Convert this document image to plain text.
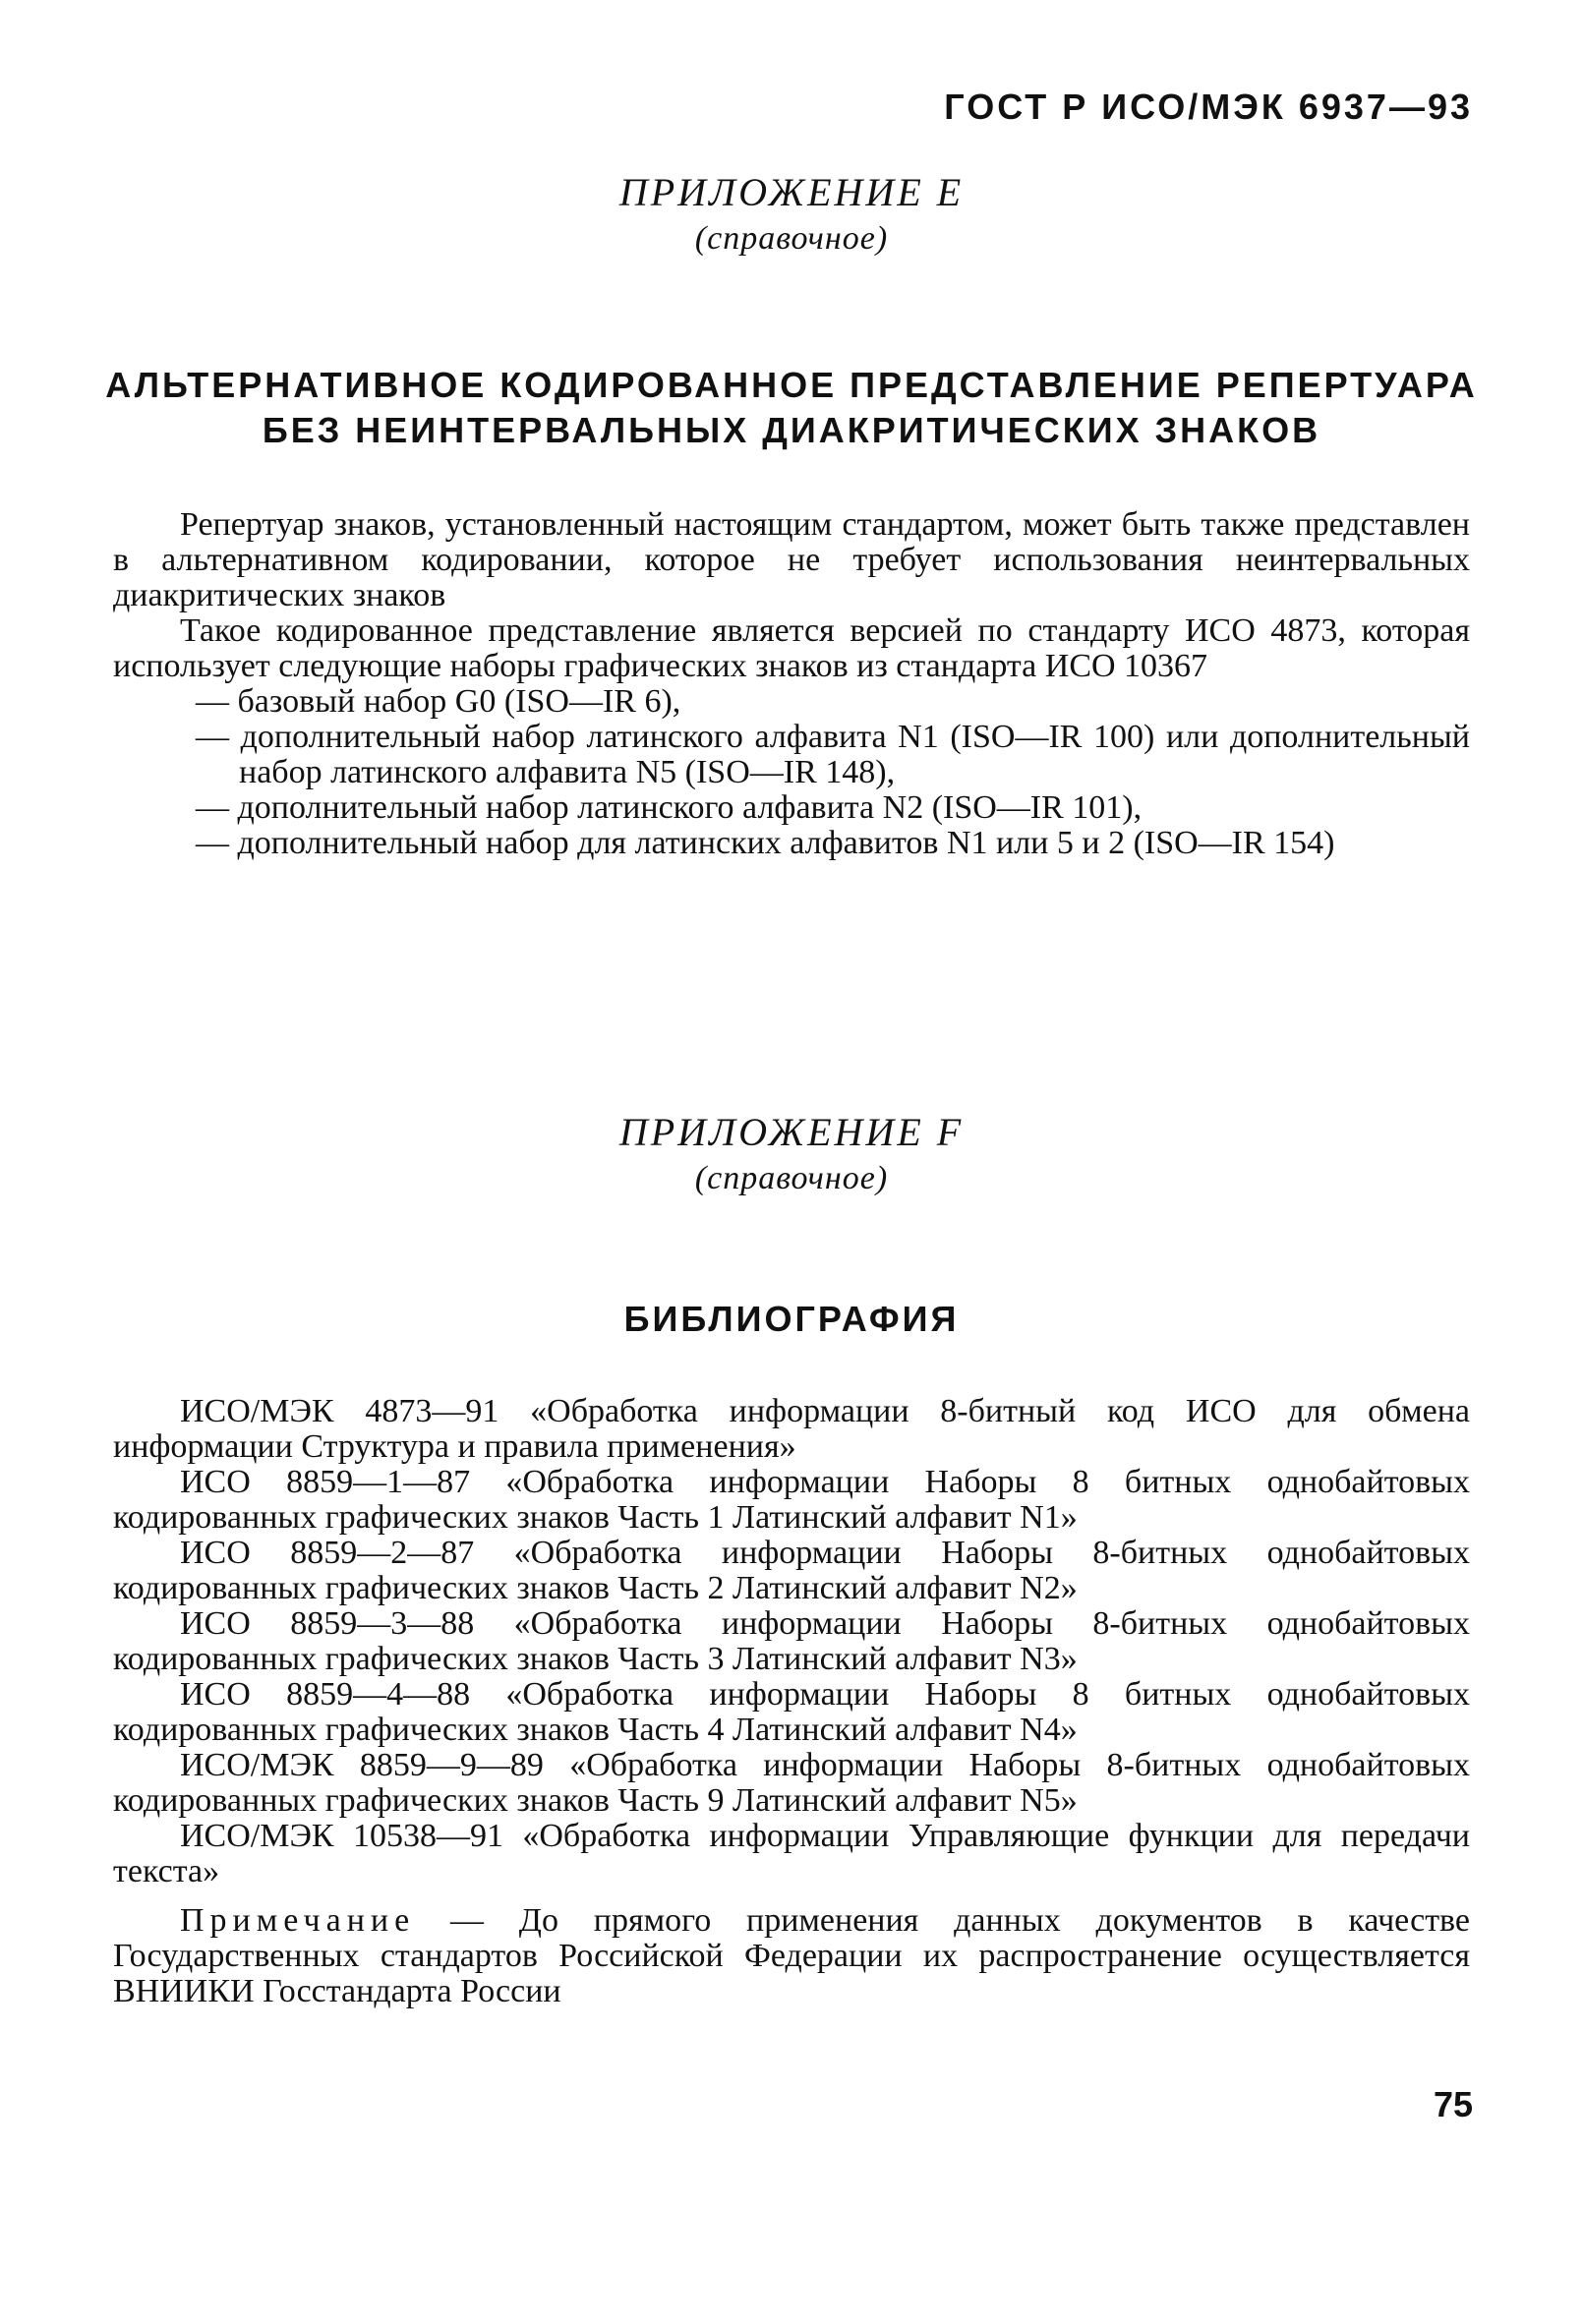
ГОСТ Р ИСО/МЭК 6937—93
ПРИЛОЖЕНИЕ Е
(справочное)
АЛЬТЕРНАТИВНОЕ КОДИРОВАННОЕ ПРЕДСТАВЛЕНИЕ РЕПЕРТУАРА
БЕЗ НЕИНТЕРВАЛЬНЫХ ДИАКРИТИЧЕСКИХ ЗНАКОВ

Репертуар знаков, установленный настоящим стандартом, может быть также представлен в альтернативном кодировании, которое не требует использования неинтервальных диакритических знаков

Такое кодированное представление является версией по стандарту ИСО 4873, которая использует следующие наборы графических знаков из стандарта ИСО 10367

— базовый набор G0 (ISO—IR 6),

— дополнительный набор латинского алфавита N1 (ISO—IR 100) или дополнительный набор латинского алфавита N5 (ISO—IR 148),

— дополнительный набор латинского алфавита N2 (ISO—IR 101),

— дополнительный набор для латинских алфавитов N1 или 5 и 2 (ISO—IR 154)

ПРИЛОЖЕНИЕ F
(справочное)
БИБЛИОГРАФИЯ

ИСО/МЭК 4873—91 «Обработка информации 8-битный код ИСО для обмена информации Структура и правила применения»

ИСО 8859—1—87 «Обработка информации Наборы 8 битных однобайтовых кодированных графических знаков Часть 1 Латинский алфавит N1»

ИСО 8859—2—87 «Обработка информации Наборы 8-битных однобайтовых кодированных графических знаков Часть 2 Латинский алфавит N2»

ИСО 8859—3—88 «Обработка информации Наборы 8-битных однобайтовых кодированных графических знаков Часть 3 Латинский алфавит N3»

ИСО 8859—4—88 «Обработка информации Наборы 8 битных однобайтовых кодированных графических знаков Часть 4 Латинский алфавит N4»

ИСО/МЭК 8859—9—89 «Обработка информации Наборы 8-битных однобайтовых кодированных графических знаков Часть 9 Латинский алфавит N5»

ИСО/МЭК 10538—91 «Обработка информации Управляющие функции для передачи текста»

Примечание — До прямого применения данных документов в качестве Государственных стандартов Российской Федерации их распространение осуществляется ВНИИКИ Госстандарта России

75
